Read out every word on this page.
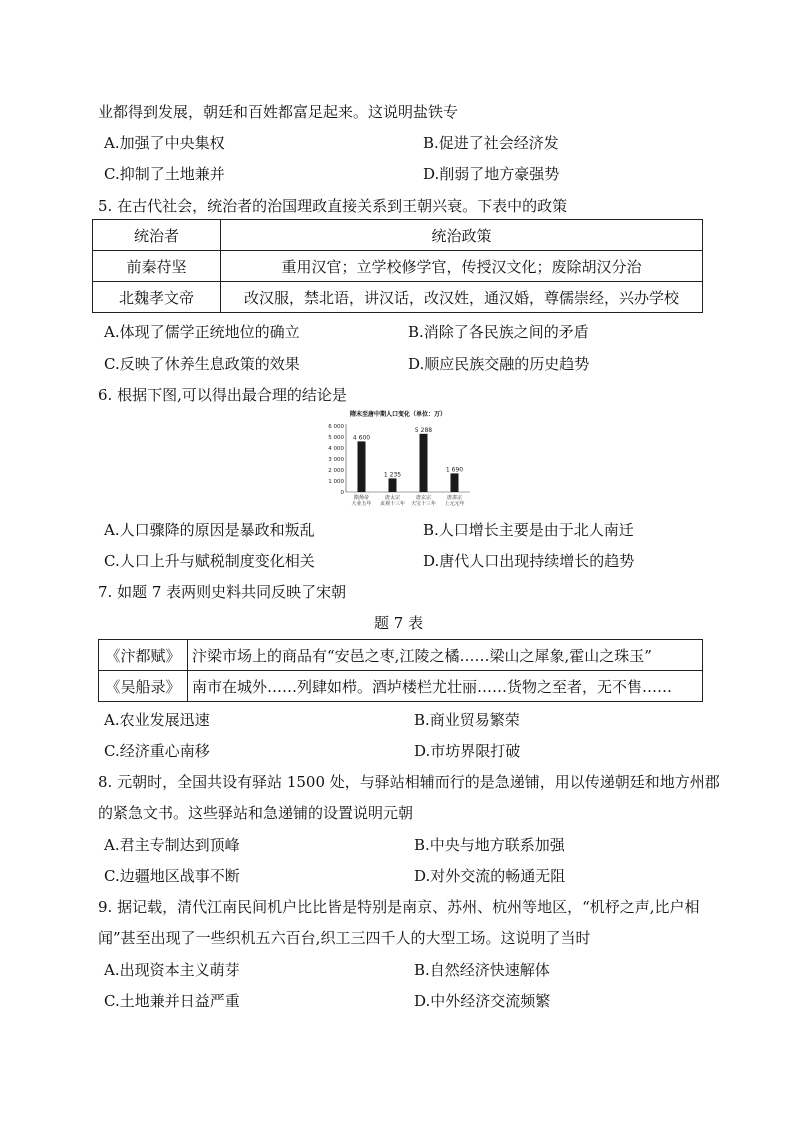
业都得到发展，朝廷和百姓都富足起来。这说明盐铁专
A.加强了中央集权	B.促进了社会经济发
C.抑制了土地兼并	D.削弱了地方豪强势
5. 在古代社会，统治者的治国理政直接关系到王朝兴衰。下表中的政策
统治者	统治政策
前秦苻坚	重用汉官；立学校修学官，传授汉文化；废除胡汉分治
北魏孝文帝	改汉服，禁北语，讲汉话，改汉姓，通汉婚，尊儒崇经，兴办学校
A.体现了儒学正统地位的确立	B.消除了各民族之间的矛盾
C.反映了休养生息政策的效果	D.顺应民族交融的历史趋势
6. 根据下图,可以得出最合理的结论是
隋末至唐中期人口变化（单位：万）
0
1 000
2 000
3 000
4 000
5 000
6 000
4 600
隋炀帝
大业五年
1 235
唐太宗
贞观十三年
5 288
唐玄宗
天宝十三年
1 690
唐肃宗
上元元年
A.人口骤降的原因是暴政和叛乱	B.人口增长主要是由于北人南迁
C.人口上升与赋税制度变化相关	D.唐代人口出现持续增长的趋势
7. 如题 7 表两则史料共同反映了宋朝
题 7 表
《汴都赋》	汴梁市场上的商品有“安邑之枣,江陵之橘……梁山之犀象,霍山之珠玉”
《吴船录》	南市在城外……列肆如栉。酒垆楼栏尤壮丽……货物之至者，无不售……
A.农业发展迅速	B.商业贸易繁荣
C.经济重心南移	D.市坊界限打破
8. 元朝时，全国共设有驿站 1500 处，与驿站相辅而行的是急递铺，用以传递朝廷和地方州郡
的紧急文书。这些驿站和急递铺的设置说明元朝
A.君主专制达到顶峰	B.中央与地方联系加强
C.边疆地区战事不断	D.对外交流的畅通无阻
9. 据记载，清代江南民间机户比比皆是特别是南京、苏州、杭州等地区，“机杼之声,比户相
闻”甚至出现了一些织机五六百台,织工三四千人的大型工场。这说明了当时
A.出现资本主义萌芽	B.自然经济快速解体
C.土地兼并日益严重	D.中外经济交流频繁
